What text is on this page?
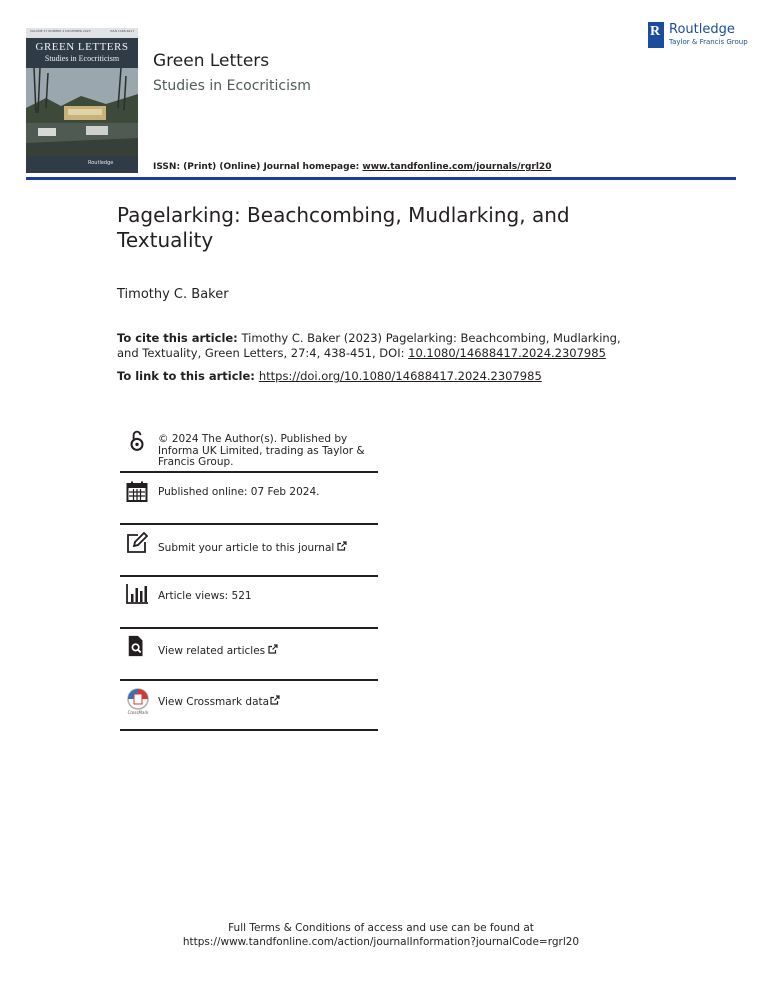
VOLUME 27 NUMBER 4 DECEMBER 2023	ISSN 1468-8417
GREEN LETTERS
Studies in Ecocriticism
Routledge
Green Letters
Studies in Ecocriticism
ISSN: (Print) (Online) Journal homepage: www.tandfonline.com/journals/rgrl20
R Routledge
Taylor & Francis Group
Pagelarking: Beachcombing, Mudlarking, and Textuality
Timothy C. Baker
To cite this article: Timothy C. Baker (2023) Pagelarking: Beachcombing, Mudlarking, and Textuality, Green Letters, 27:4, 438-451, DOI: 10.1080/14688417.2024.2307985
To link to this article: https://doi.org/10.1080/14688417.2024.2307985
© 2024 The Author(s). Published by Informa UK Limited, trading as Taylor & Francis Group.
Published online: 07 Feb 2024.
Submit your article to this journal
Article views: 521
View related articles
CrossMark
View Crossmark data
Full Terms & Conditions of access and use can be found at
https://www.tandfonline.com/action/journalInformation?journalCode=rgrl20
